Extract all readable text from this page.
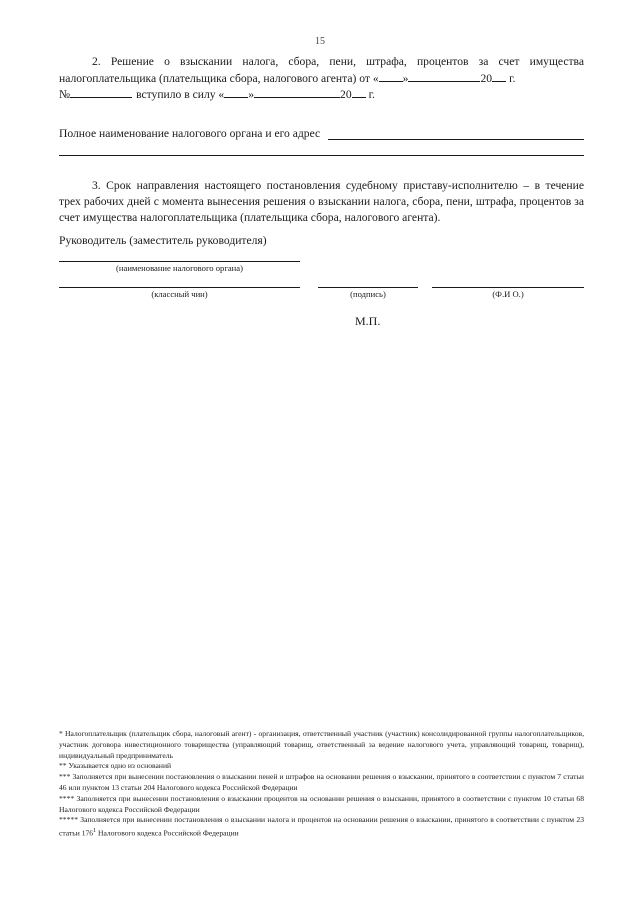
15
2. Решение о взыскании налога, сбора, пени, штрафа, процентов за счет имущества
налогоплательщика (плательщика сбора, налогового агента) от « »	20 г.
№	вступило в силу « »	20 г.
Полное наименование налогового органа и его адрес
3. Срок направления настоящего постановления судебному приставу-исполнителю – в течение
трех рабочих дней с момента вынесения решения о взыскании налога, сбора, пени, штрафа, процентов за
счет имущества налогоплательщика (плательщика сбора, налогового агента).
Руководитель (заместитель руководителя)
(наименование налогового органа)
(классный чин)	(подпись)	(Ф.И О.)
М.П.

* Налогоплательщик (плательщик сбора, налоговый агент) - организация, ответственный участник (участник) консолидированной группы налогоплательщиков, участник договора инвестиционного товарищества (управляющий товарищ, ответственный за ведение налогового учета, управляющий товарищ, товарищ), индивидуальный предприниматель

** Указывается одно из оснований

*** Заполняется при вынесении постановления о взыскании пеней и штрафов на основании решения о взыскании, принятого в соответствии с пунктом 7 статьи 46 или пунктом 13 статьи 204 Налогового кодекса Российской Федерации

**** Заполняется при вынесении постановления о взыскании процентов на основании решения о взыскании, принятого в соответствии с пунктом 10 статьи 68 Налогового кодекса Российской Федерации

***** Заполняется при вынесении постановления о взыскании налога и процентов на основании решения о взыскании, принятого в соответствии с пунктом 23 статьи $176^1$ Налогового кодекса Российской Федерации
